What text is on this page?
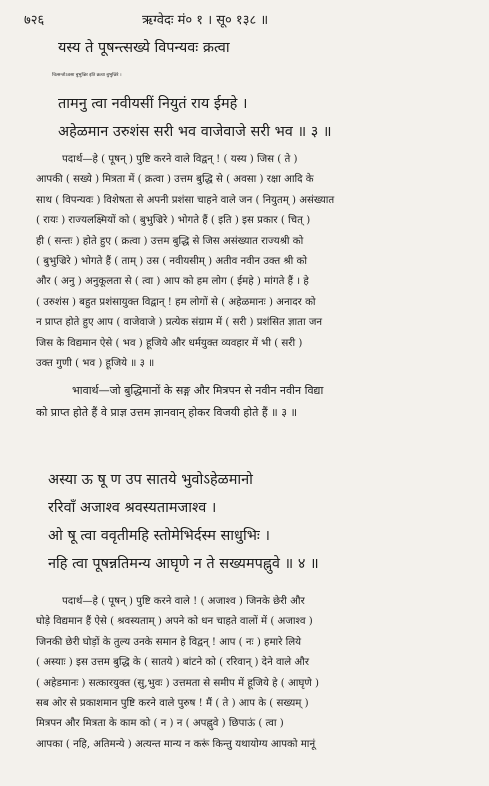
७२६	ऋग्वेदः मं० १ । सू० १३८ ॥
यस्य ते पूषन्त्सख्ये विपन्यवः क्रत्वा
चित्सन्तोऽवसा बुभुज्रिर इति क्रत्वा बुभुज्रिरे ।
तामनु त्वा नवीयसीं नियुतं राय ईमहे ।
अहेळमान उरुशंस सरी भव वाजेवाजे सरी भव ॥ ३ ॥
पदार्थ—हे ( पूषन् ) पुष्टि करने वाले विद्वन् ! ( यस्य ) जिस ( ते )
आपकी ( सख्ये ) मित्रता में ( क्रत्वा ) उत्तम बुद्धि से ( अवसा ) रक्षा आदि के
साथ ( विपन्यवः ) विशेषता से अपनी प्रशंसा चाहने वाले जन ( नियुतम् ) असंख्यात
( रायः ) राज्यलक्ष्मियों को ( बुभुज्रिरे ) भोगते हैं ( इति ) इस प्रकार ( चित् )
ही ( सन्तः ) होते हुए ( क्रत्वा ) उत्तम बुद्धि से जिस असंख्यात राज्यश्री को
( बुभुज्रिरे ) भोगते हैं ( ताम् ) उस ( नवीयसीम् ) अतीव नवीन उक्त श्री को
और ( अनु ) अनुकूलता से ( त्वा ) आप को हम लोग ( ईमहे ) मांगते हैं । हे
( उरुशंस ) बहुत प्रशंसायुक्त विद्वान् ! हम लोगों से ( अहेळमानः ) अनादर को
न प्राप्त होते हुए आप ( वाजेवाजे ) प्रत्येक संग्राम में ( सरी ) प्रशंसित ज्ञाता जन
जिस के विद्यमान ऐसे ( भव ) हूजिये और धर्मयुक्त व्यवहार में भी ( सरी )
उक्त गुणी ( भव ) हूजिये ॥ ३ ॥
भावार्थ—जो बुद्धिमानों के सङ्ग और मित्रपन से नवीन नवीन विद्या
को प्राप्त होते हैं वे प्राज्ञ उत्तम ज्ञानवान् होकर विजयी होते हैं ॥ ३ ॥
अस्या ऊ षू ण उप सातये भुवोऽहेळमानो
ररिवाँ अजाश्व श्रवस्यतामजाश्व ।
ओ षू त्वा ववृतीमहि स्तोमेभिर्दस्म साधुभिः ।
नहि त्वा पूषन्नतिमन्य आघृणे न ते सख्यमपह्नुवे ॥ ४ ॥
पदार्थ—हे ( पूषन् ) पुष्टि करने वाले ! ( अजाश्व ) जिनके छेरी और
घोड़े विद्यमान हैं ऐसे ( श्रवस्यताम् ) अपने को धन चाहते वालों में ( अजाश्व )
जिनकी छेरी घोड़ों के तुल्य उनके समान हे विद्वन् ! आप ( नः ) हमारे लिये
( अस्याः ) इस उत्तम बुद्धि के ( सातये ) बांटने को ( ररिवान् ) देने वाले और
( अहेडमानः ) सत्कारयुक्त (सु,भुवः ) उत्तमता से समीप में हूजिये हे ( आघृणे )
सब ओर से प्रकाशमान पुष्टि करने वाले पुरुष ! मैं ( ते ) आप के ( सख्यम् )
मित्रपन और मित्रता के काम को ( न ) न ( अपह्नुवे ) छिपाऊं ( त्वा )
आपका ( नहि, अतिमन्ये ) अत्यन्त मान्य न करूं किन्तु यथायोग्य आपको मानूं
